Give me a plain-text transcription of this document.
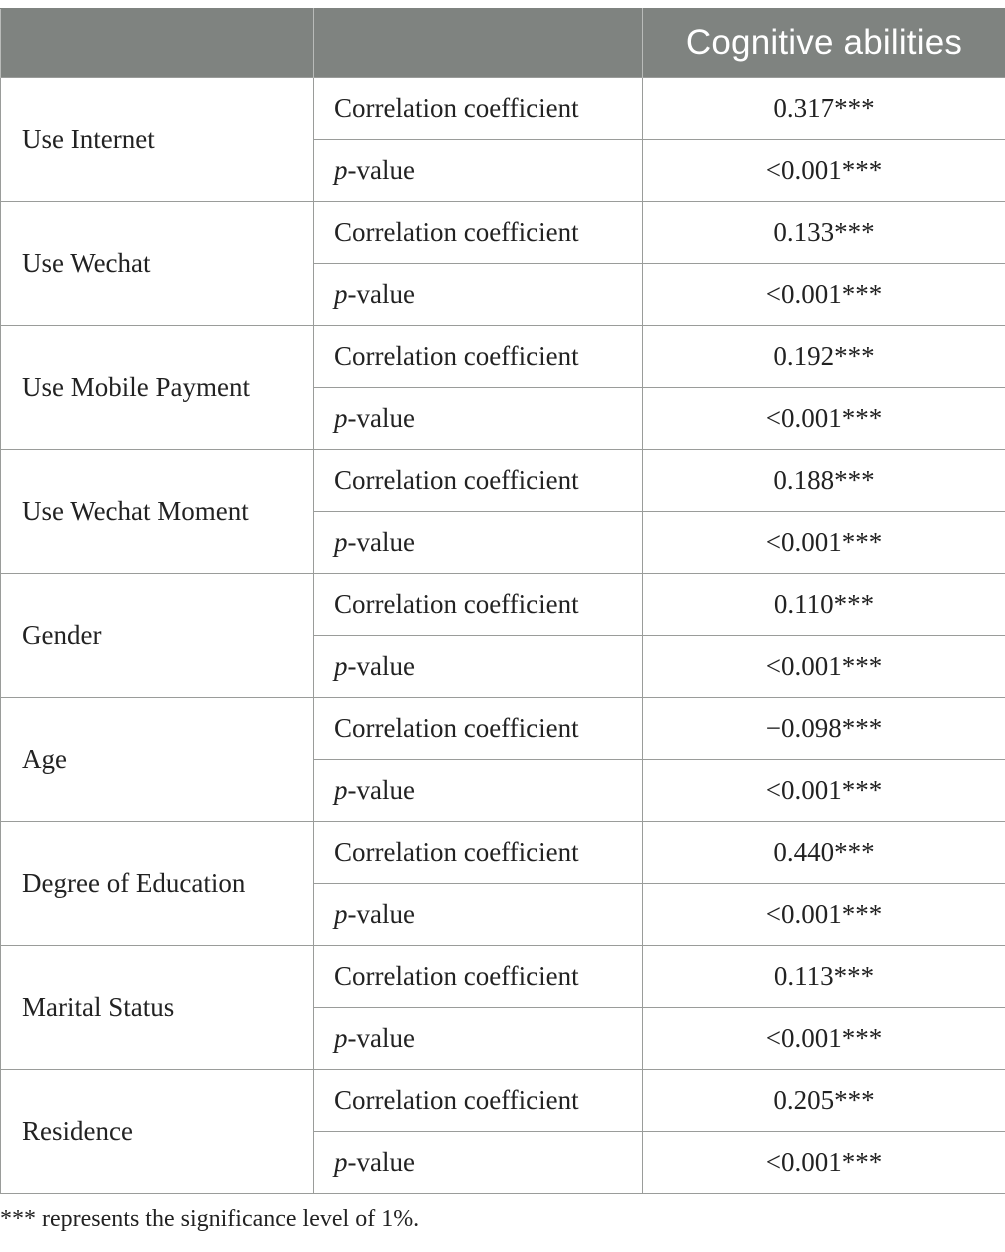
		Cognitive abilities
Use Internet	Correlation coefficient	0.317***
	p-value	<0.001***
Use Wechat	Correlation coefficient	0.133***
	p-value	<0.001***
Use Mobile Payment	Correlation coefficient	0.192***
	p-value	<0.001***
Use Wechat Moment	Correlation coefficient	0.188***
	p-value	<0.001***
Gender	Correlation coefficient	0.110***
	p-value	<0.001***
Age	Correlation coefficient	−0.098***
	p-value	<0.001***
Degree of Education	Correlation coefficient	0.440***
	p-value	<0.001***
Marital Status	Correlation coefficient	0.113***
	p-value	<0.001***
Residence	Correlation coefficient	0.205***
	p-value	<0.001***
*** represents the significance level of 1%.
